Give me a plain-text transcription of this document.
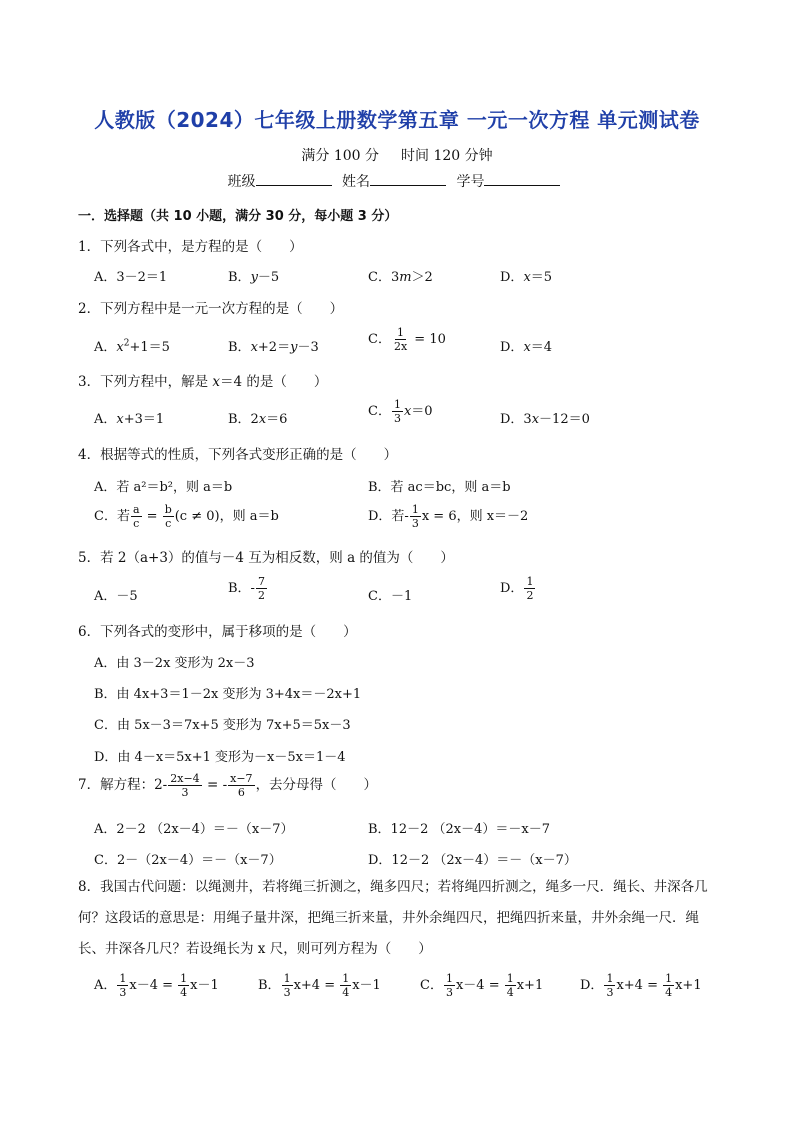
人教版（2024）七年级上册数学第五章 一元一次方程 单元测试卷
满分 100 分 时间 120 分钟
班级	姓名	学号
一．选择题（共 10 小题，满分 30 分，每小题 3 分）
1．下列各式中，是方程的是（　　）
A．3－2＝1	B．y－5	C．3m＞2	D．x＝5
2．下列方程中是一元一次方程的是（　　）
A．$x^2+1=5$	B．x+2＝y－3
C． $\frac{1}{2x} = 10$
D．x＝4
3．下列方程中，解是 x＝4 的是（　　）
A．x+3＝1	B．2x＝6
C． $\frac{1}{3} x=0$
D．3x－12＝0
4．根据等式的性质，下列各式变形正确的是（　　）
A．若 a²＝b²，则 a＝b	B．若 ac＝bc，则 a＝b
C．若 $\frac{a}{c} = \frac{b}{c} (c \ne 0)$，则 a＝b	D．若- $\frac{1}{3}$ x = 6，则 x＝－2
5．若 2（a+3）的值与－4 互为相反数，则 a 的值为（　　）
A．－5
B．- $\frac{7}{2}$	C．－1
D． $\frac{1}{2}$
6．下列各式的变形中，属于移项的是（　　）
A．由 3－2x 变形为 2x－3
B．由 4x+3＝1－2x 变形为 3+4x＝－2x+1
C．由 5x－3＝7x+5 变形为 7x+5＝5x－3
D．由 4－x＝5x+1 变形为－x－5x＝1－4
7．解方程：$2- \frac{2x-4}{3}$ = - $\frac{x-7}{6}$ ，去分母得（　　）
A．2－2 （2x－4）＝－（x－7）	B．12－2 （2x－4）＝－x－7
C．2－（2x－4）＝－（x－7）	D．12－2 （2x－4）＝－（x－7）
8．我国古代问题：以绳测井，若将绳三折测之，绳多四尺；若将绳四折测之，绳多一尺．绳长、井深各几何？这段话的意思是：用绳子量井深，把绳三折来量，井外余绳四尺，把绳四折来量，井外余绳一尺．绳长、井深各几尺？若设绳长为 x 尺，则可列方程为（　　）
A． $\frac{1}{3} x-4 = \frac{1}{4} x-1$	B． $\frac{1}{3} x+4 = \frac{1}{4} x-1$	C． $\frac{1}{3} x-4 = \frac{1}{4} x+1$	D． $\frac{1}{3} x+4 = \frac{1}{4} x+1$
